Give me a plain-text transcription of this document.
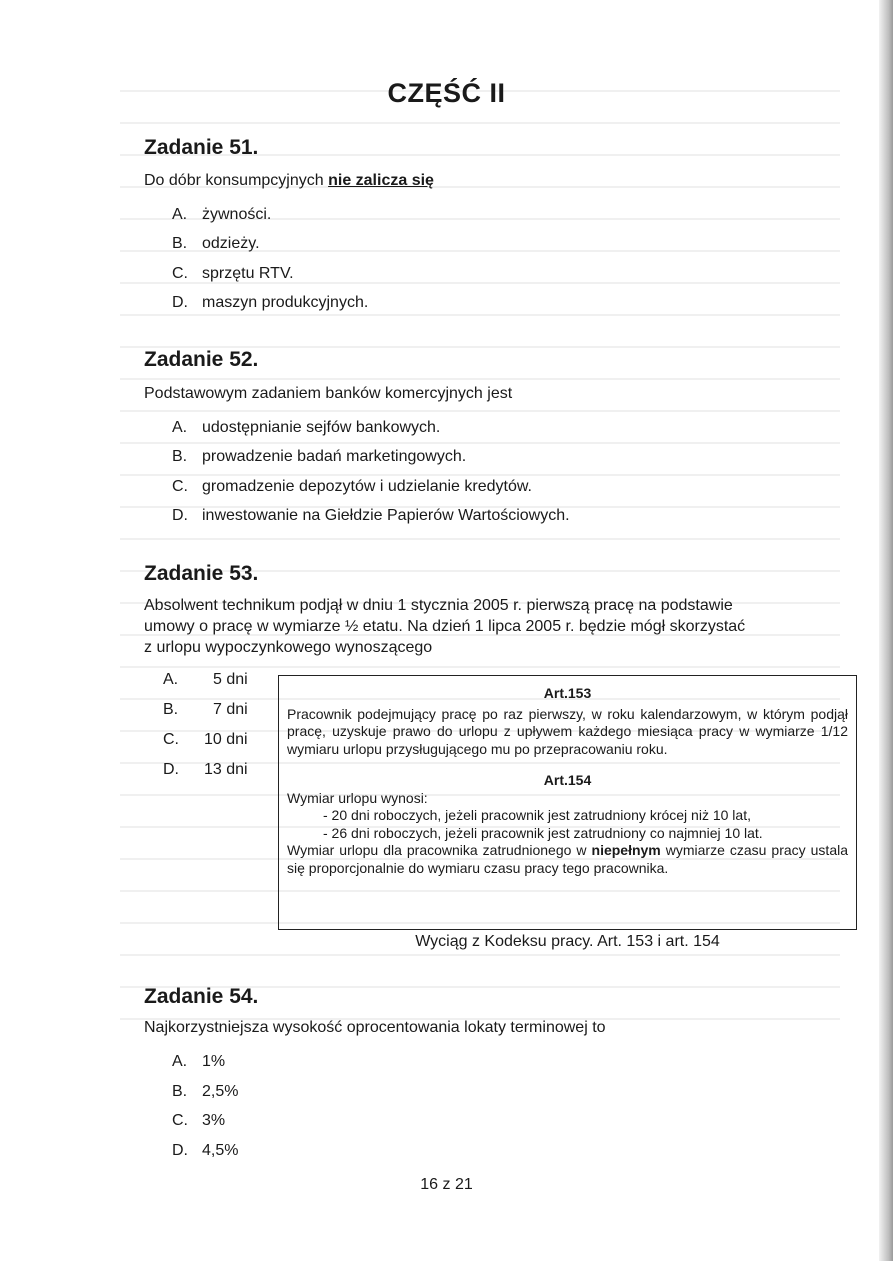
CZĘŚĆ II
Zadanie 51.
Do dóbr konsumpcyjnych nie zalicza się
A. żywności.
B. odzieży.
C. sprzętu RTV.
D. maszyn produkcyjnych.
Zadanie 52.
Podstawowym zadaniem banków komercyjnych jest
A. udostępnianie sejfów bankowych.
B. prowadzenie badań marketingowych.
C. gromadzenie depozytów i udzielanie kredytów.
D. inwestowanie na Giełdzie Papierów Wartościowych.
Zadanie 53.
Absolwent technikum podjął w dniu 1 stycznia 2005 r. pierwszą pracę na podstawie
umowy o pracę w wymiarze ½ etatu. Na dzień 1 lipca 2005 r. będzie mógł skorzystać
z urlopu wypoczynkowego wynoszącego
A. 5 dni
B. 7 dni
C. 10 dni
D. 13 dni
Art.153
Pracownik podejmujący pracę po raz pierwszy, w roku kalendarzowym, w którym podjął pracę, uzyskuje prawo do urlopu z upływem każdego miesiąca pracy w wymiarze 1/12 wymiaru urlopu przysługującego mu po przepracowaniu roku.
Art.154
Wymiar urlopu wynosi:
- 20 dni roboczych, jeżeli pracownik jest zatrudniony krócej niż 10 lat,
- 26 dni roboczych, jeżeli pracownik jest zatrudniony co najmniej 10 lat.
Wymiar urlopu dla pracownika zatrudnionego w niepełnym wymiarze czasu pracy ustala się proporcjonalnie do wymiaru czasu pracy tego pracownika.
Wyciąg z Kodeksu pracy. Art. 153 i art. 154
Zadanie 54.
Najkorzystniejsza wysokość oprocentowania lokaty terminowej to
A. 1%
B. 2,5%
C. 3%
D. 4,5%
16 z 21
